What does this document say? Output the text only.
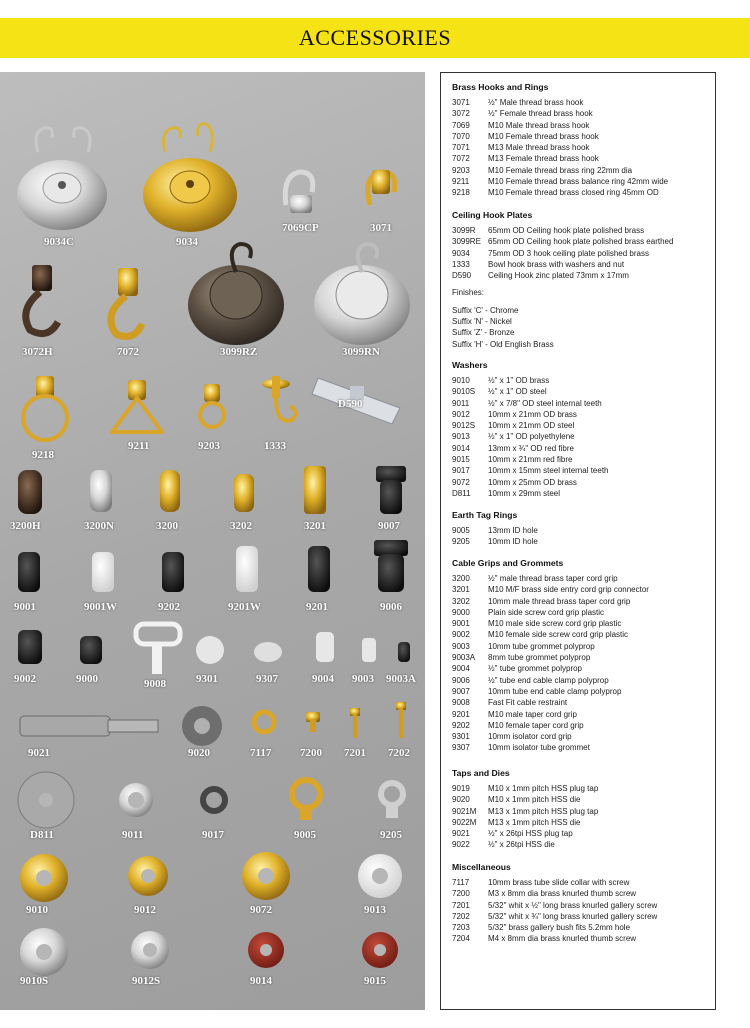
ACCESSORIES
9034C	9034
7069CP	3071
3072H	7072	3099RZ	3099RN
9218
9211	9203	1333
D590
3200H	3200N	3200	3202	3201	9007
9001	9001W	9202	9201W	9201	9006
9002	9000	9008	9301	9307	9004 9003 9003A
9021	9020	7117	7200 7201 7202
D811	9011	9017	9005	9205
9010	9012	9072	9013
9010S	9012S	9014	9015
Brass Hooks and Rings
3071	½" Male thread brass hook
3072	½" Female thread brass hook
7069	M10 Male thread brass hook
7070	M10 Female thread brass hook
7071	M13 Male thread brass hook
7072	M13 Female thread brass hook
9203	M10 Female thread brass ring 22mm dia
9211	M10 Female thread brass balance ring 42mm wide
9218	M10 Female thread brass closed ring 45mm OD
Ceiling Hook Plates
3099R	65mm OD Ceiling hook plate polished brass
3099RE 65mm OD Ceiling hook plate polished brass earthed
9034	75mm OD 3 hook ceiling plate polished brass
1333	Bowl hook brass with washers and nut
D590	Ceiling Hook zinc plated 73mm x 17mm
Finishes:
Suffix 'C' - Chrome
Suffix 'N' - Nickel
Suffix 'Z' - Bronze
Suffix 'H' - Old English Brass
Washers
9010	½" x 1" OD brass
9010S	½" x 1" OD steel
9011	½" x 7/8" OD steel internal teeth
9012	10mm x 21mm OD brass
9012S	10mm x 21mm OD steel
9013	½" x 1" OD polyethylene
9014	13mm x ¾" OD red fibre
9015	10mm x 21mm red fibre
9017	10mm x 15mm steel internal teeth
9072	10mm x 25mm OD brass
D811	10mm x 29mm steel
Earth Tag Rings
9005	13mm ID hole
9205	10mm ID hole
Cable Grips and Grommets
3200	½" male thread brass taper cord grip
3201	M10 M/F brass side entry cord grip connector
3202	10mm male thread brass taper cord grip
9000	Plain side screw cord grip plastic
9001	M10 male side screw cord grip plastic
9002	M10 female side screw cord grip plastic
9003	10mm tube grommet polyprop
9003A	8mm tube grommet polyprop
9004	½" tube grommet polyprop
9006	½" tube end cable clamp polyprop
9007	10mm tube end cable clamp polyprop
9008	Fast Fit cable restraint
9201	M10 male taper cord grip
9202	M10 female taper cord grip
9301	10mm isolator cord grip
9307	10mm isolator tube grommet
Taps and Dies
9019	M10 x 1mm pitch HSS plug tap
9020	M10 x 1mm pitch HSS die
9021M	M13 x 1mm pitch HSS plug tap
9022M	M13 x 1mm pitch HSS die
9021	½" x 26tpi HSS plug tap
9022	½" x 26tpi HSS die
Miscellaneous
7117	10mm brass tube slide collar with screw
7200	M3 x 8mm dia brass knurled thumb screw
7201	5/32" whit x ½" long brass knurled gallery screw
7202	5/32" whit x ¾" long brass knurled gallery screw
7203	5/32" brass gallery bush fits 5.2mm hole
7204	M4 x 8mm dia brass knurled thumb screw
